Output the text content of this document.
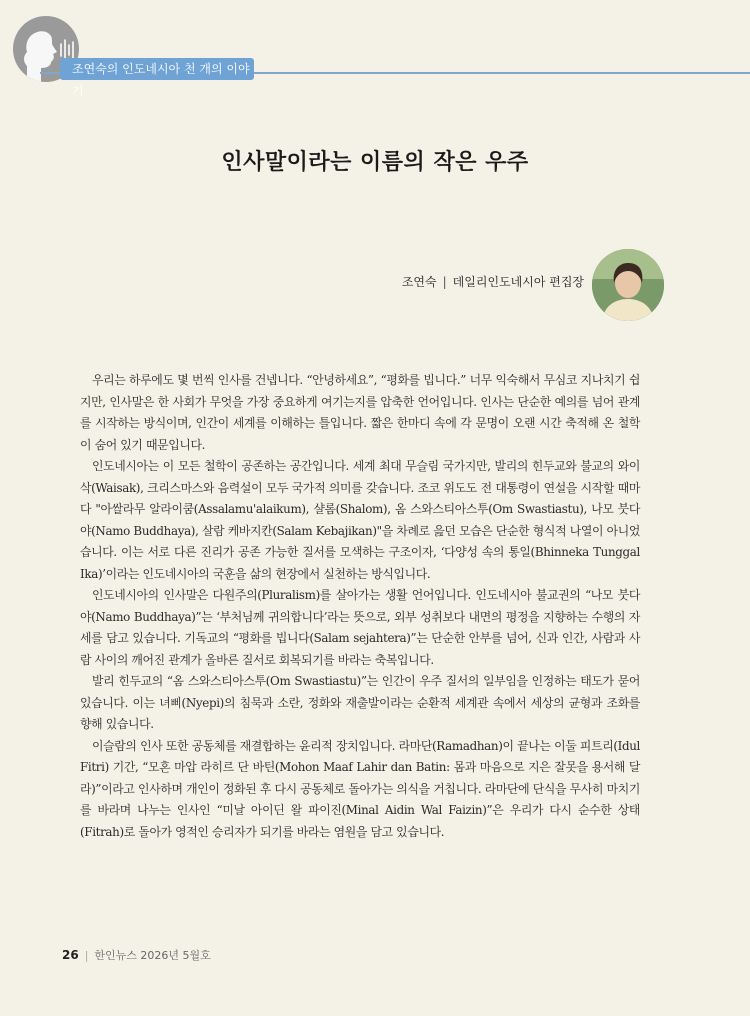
조연숙의 인도네시아 천 개의 이야기
인사말이라는 이름의 작은 우주
조연숙 | 데일리인도네시아 편집장

우리는 하루에도 몇 번씩 인사를 건넵니다. “안녕하세요”, “평화를 빕니다.” 너무 익숙해서 무심코 지나치기 쉽지만, 인사말은 한 사회가 무엇을 가장 중요하게 여기는지를 압축한 언어입니다. 인사는 단순한 예의를 넘어 관계를 시작하는 방식이며, 인간이 세계를 이해하는 틀입니다. 짧은 한마디 속에 각 문명이 오랜 시간 축적해 온 철학이 숨어 있기 때문입니다.

인도네시아는 이 모든 철학이 공존하는 공간입니다. 세계 최대 무슬림 국가지만, 발리의 힌두교와 불교의 와이삭(Waisak), 크리스마스와 음력설이 모두 국가적 의미를 갖습니다. 조코 위도도 전 대통령이 연설을 시작할 때마다 "아쌀라무 알라이쿰(Assalamu'alaikum), 샬롬(Shalom), 옴 스와스티아스투(Om Swastiastu), 나모 붓다야(Namo Buddhaya), 살람 케바지칸(Salam Kebajikan)"을 차례로 읊던 모습은 단순한 형식적 나열이 아니었습니다. 이는 서로 다른 진리가 공존 가능한 질서를 모색하는 구조이자, ‘다양성 속의 통일(Bhinneka Tunggal Ika)’이라는 인도네시아의 국훈을 삶의 현장에서 실천하는 방식입니다.

인도네시아의 인사말은 다원주의(Pluralism)를 살아가는 생활 언어입니다. 인도네시아 불교권의 “나모 붓다야(Namo Buddhaya)”는 ‘부처님께 귀의합니다’라는 뜻으로, 외부 성취보다 내면의 평정을 지향하는 수행의 자세를 담고 있습니다. 기독교의 “평화를 빕니다(Salam sejahtera)”는 단순한 안부를 넘어, 신과 인간, 사람과 사람 사이의 깨어진 관계가 올바른 질서로 회복되기를 바라는 축복입니다.

발리 힌두교의 “옴 스와스티아스투(Om Swastiastu)”는 인간이 우주 질서의 일부임을 인정하는 태도가 묻어 있습니다. 이는 녀삐(Nyepi)의 침묵과 소란, 정화와 재출발이라는 순환적 세계관 속에서 세상의 균형과 조화를 향해 있습니다.

이슬람의 인사 또한 공동체를 재결합하는 윤리적 장치입니다. 라마단(Ramadhan)이 끝나는 이둘 피트리(Idul Fitri) 기간, “모혼 마압 라히르 단 바틴(Mohon Maaf Lahir dan Batin: 몸과 마음으로 지은 잘못을 용서해 달라)”이라고 인사하며 개인이 정화된 후 다시 공동체로 돌아가는 의식을 거칩니다. 라마단에 단식을 무사히 마치기를 바라며 나누는 인사인 “미날 아이딘 왈 파이진(Minal Aidin Wal Faizin)”은 우리가 다시 순수한 상태(Fitrah)로 돌아가 영적인 승리자가 되기를 바라는 염원을 담고 있습니다.

26 | 한인뉴스 2026년 5월호
